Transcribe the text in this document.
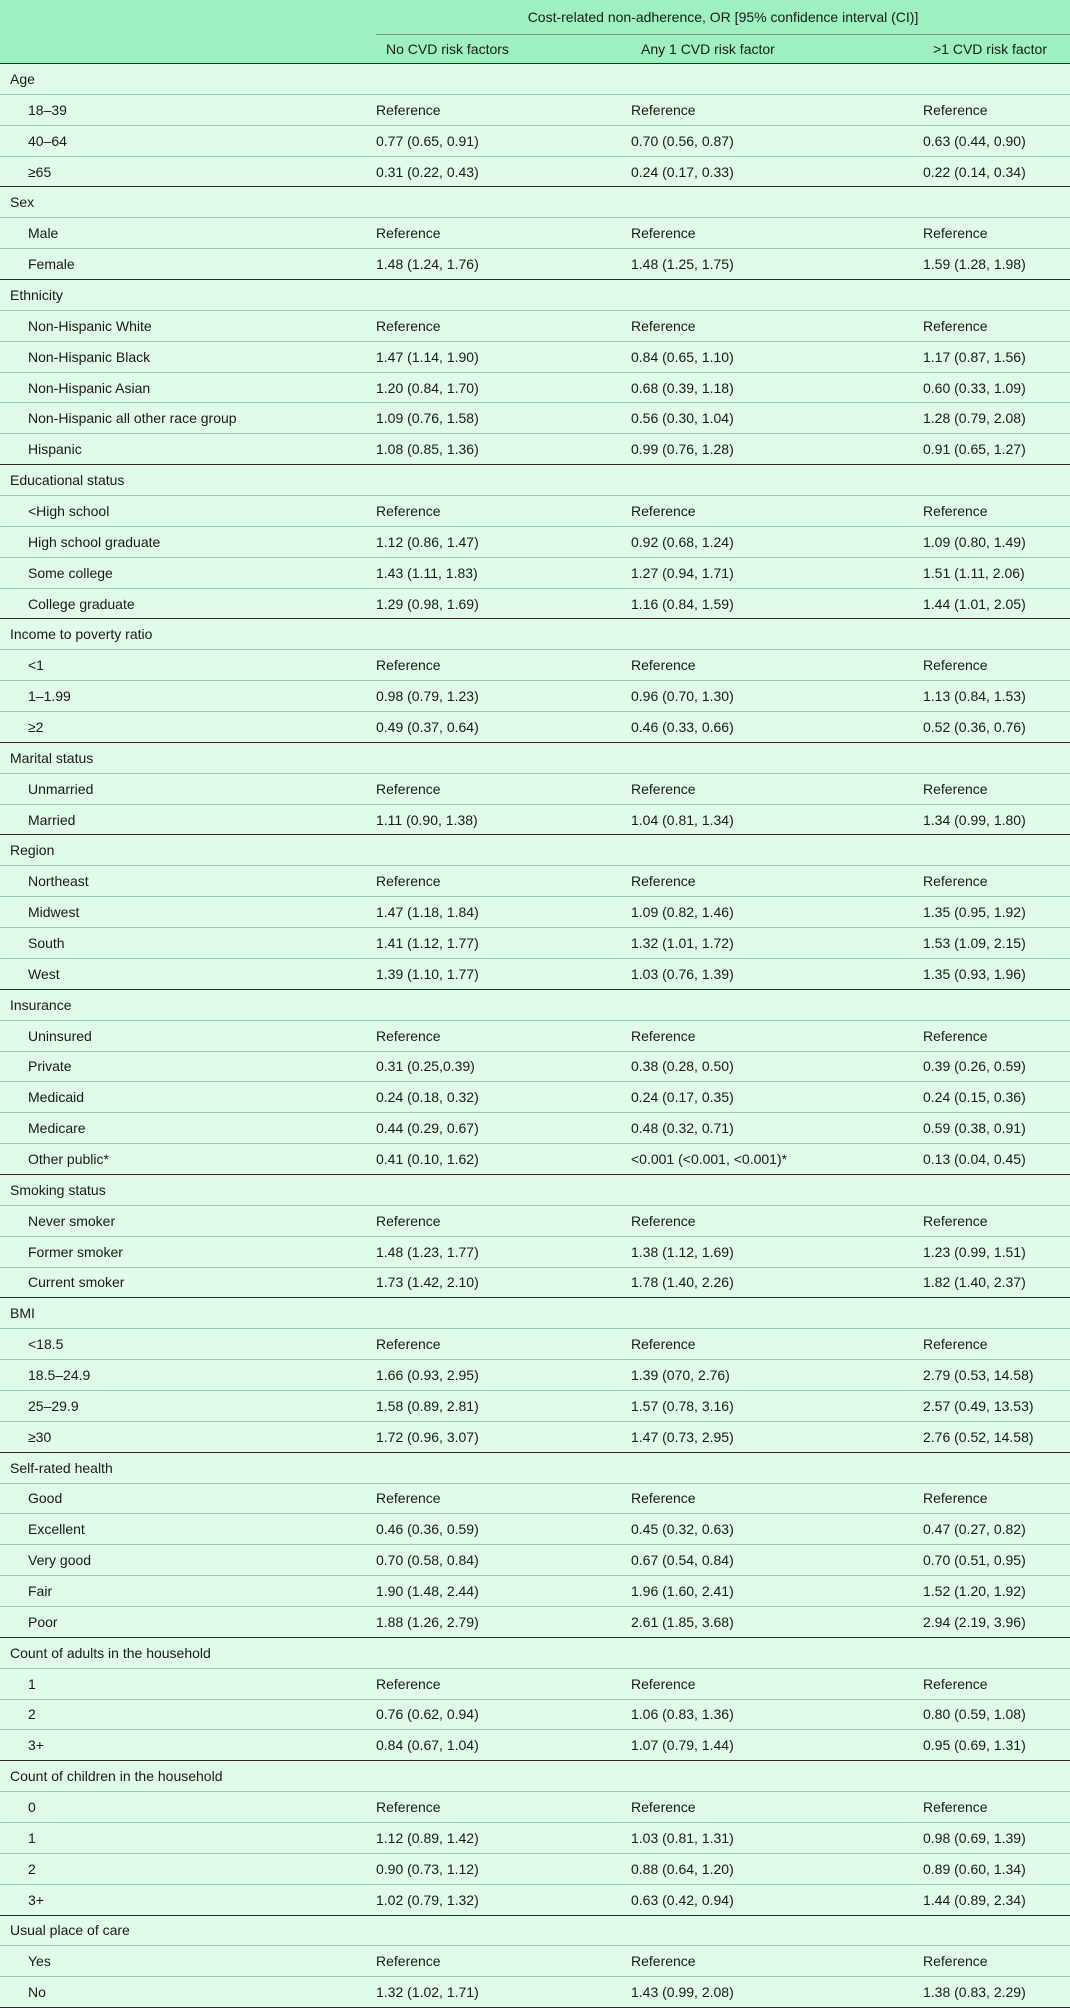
	Cost-related non-adherence, OR [95% confidence interval (CI)]		
	No CVD risk factors	Any 1 CVD risk factor	>1 CVD risk factor
Age			
18–39	Reference	Reference	Reference
40–64	0.77 (0.65, 0.91)	0.70 (0.56, 0.87)	0.63 (0.44, 0.90)
≥65	0.31 (0.22, 0.43)	0.24 (0.17, 0.33)	0.22 (0.14, 0.34)
Sex			
Male	Reference	Reference	Reference
Female	1.48 (1.24, 1.76)	1.48 (1.25, 1.75)	1.59 (1.28, 1.98)
Ethnicity			
Non-Hispanic White	Reference	Reference	Reference
Non-Hispanic Black	1.47 (1.14, 1.90)	0.84 (0.65, 1.10)	1.17 (0.87, 1.56)
Non-Hispanic Asian	1.20 (0.84, 1.70)	0.68 (0.39, 1.18)	0.60 (0.33, 1.09)
Non-Hispanic all other race group	1.09 (0.76, 1.58)	0.56 (0.30, 1.04)	1.28 (0.79, 2.08)
Hispanic	1.08 (0.85, 1.36)	0.99 (0.76, 1.28)	0.91 (0.65, 1.27)
Educational status			
<High school	Reference	Reference	Reference
High school graduate	1.12 (0.86, 1.47)	0.92 (0.68, 1.24)	1.09 (0.80, 1.49)
Some college	1.43 (1.11, 1.83)	1.27 (0.94, 1.71)	1.51 (1.11, 2.06)
College graduate	1.29 (0.98, 1.69)	1.16 (0.84, 1.59)	1.44 (1.01, 2.05)
Income to poverty ratio			
<1	Reference	Reference	Reference
1–1.99	0.98 (0.79, 1.23)	0.96 (0.70, 1.30)	1.13 (0.84, 1.53)
≥2	0.49 (0.37, 0.64)	0.46 (0.33, 0.66)	0.52 (0.36, 0.76)
Marital status			
Unmarried	Reference	Reference	Reference
Married	1.11 (0.90, 1.38)	1.04 (0.81, 1.34)	1.34 (0.99, 1.80)
Region			
Northeast	Reference	Reference	Reference
Midwest	1.47 (1.18, 1.84)	1.09 (0.82, 1.46)	1.35 (0.95, 1.92)
South	1.41 (1.12, 1.77)	1.32 (1.01, 1.72)	1.53 (1.09, 2.15)
West	1.39 (1.10, 1.77)	1.03 (0.76, 1.39)	1.35 (0.93, 1.96)
Insurance			
Uninsured	Reference	Reference	Reference
Private	0.31 (0.25,0.39)	0.38 (0.28, 0.50)	0.39 (0.26, 0.59)
Medicaid	0.24 (0.18, 0.32)	0.24 (0.17, 0.35)	0.24 (0.15, 0.36)
Medicare	0.44 (0.29, 0.67)	0.48 (0.32, 0.71)	0.59 (0.38, 0.91)
Other public*	0.41 (0.10, 1.62)	<0.001 (<0.001, <0.001)*	0.13 (0.04, 0.45)
Smoking status			
Never smoker	Reference	Reference	Reference
Former smoker	1.48 (1.23, 1.77)	1.38 (1.12, 1.69)	1.23 (0.99, 1.51)
Current smoker	1.73 (1.42, 2.10)	1.78 (1.40, 2.26)	1.82 (1.40, 2.37)
BMI			
<18.5	Reference	Reference	Reference
18.5–24.9	1.66 (0.93, 2.95)	1.39 (070, 2.76)	2.79 (0.53, 14.58)
25–29.9	1.58 (0.89, 2.81)	1.57 (0.78, 3.16)	2.57 (0.49, 13.53)
≥30	1.72 (0.96, 3.07)	1.47 (0.73, 2.95)	2.76 (0.52, 14.58)
Self-rated health			
Good	Reference	Reference	Reference
Excellent	0.46 (0.36, 0.59)	0.45 (0.32, 0.63)	0.47 (0.27, 0.82)
Very good	0.70 (0.58, 0.84)	0.67 (0.54, 0.84)	0.70 (0.51, 0.95)
Fair	1.90 (1.48, 2.44)	1.96 (1.60, 2.41)	1.52 (1.20, 1.92)
Poor	1.88 (1.26, 2.79)	2.61 (1.85, 3.68)	2.94 (2.19, 3.96)
Count of adults in the household			
1	Reference	Reference	Reference
2	0.76 (0.62, 0.94)	1.06 (0.83, 1.36)	0.80 (0.59, 1.08)
3+	0.84 (0.67, 1.04)	1.07 (0.79, 1.44)	0.95 (0.69, 1.31)
Count of children in the household			
0	Reference	Reference	Reference
1	1.12 (0.89, 1.42)	1.03 (0.81, 1.31)	0.98 (0.69, 1.39)
2	0.90 (0.73, 1.12)	0.88 (0.64, 1.20)	0.89 (0.60, 1.34)
3+	1.02 (0.79, 1.32)	0.63 (0.42, 0.94)	1.44 (0.89, 2.34)
Usual place of care			
Yes	Reference	Reference	Reference
No	1.32 (1.02, 1.71)	1.43 (0.99, 2.08)	1.38 (0.83, 2.29)
